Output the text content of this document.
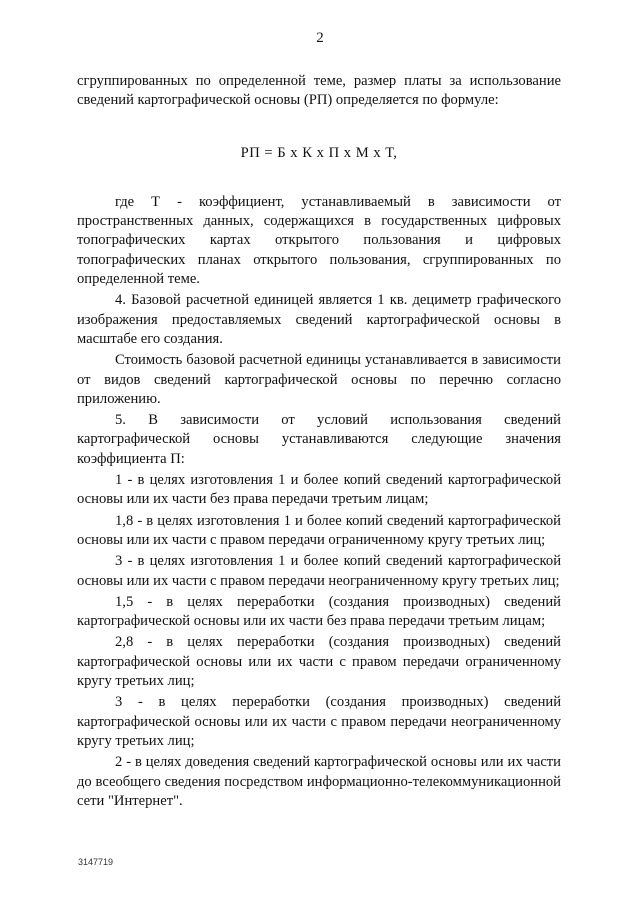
2

сгруппированных по определенной теме, размер платы за использование сведений картографической основы (РП) определяется по формуле:

РП = Б x К x П x М x Т,

где Т - коэффициент, устанавливаемый в зависимости от пространственных данных, содержащихся в государственных цифровых топографических картах открытого пользования и цифровых топографических планах открытого пользования, сгруппированных по определенной теме.

4. Базовой расчетной единицей является 1 кв. дециметр графического изображения предоставляемых сведений картографической основы в масштабе его создания.

Стоимость базовой расчетной единицы устанавливается в зависимости от видов сведений картографической основы по перечню согласно приложению.

5. В зависимости от условий использования сведений картографической основы устанавливаются следующие значения коэффициента П:

1 - в целях изготовления 1 и более копий сведений картографической основы или их части без права передачи третьим лицам;

1,8 - в целях изготовления 1 и более копий сведений картографической основы или их части с правом передачи ограниченному кругу третьих лиц;

3 - в целях изготовления 1 и более копий сведений картографической основы или их части с правом передачи неограниченному кругу третьих лиц;

1,5 - в целях переработки (создания производных) сведений картографической основы или их части без права передачи третьим лицам;

2,8 - в целях переработки (создания производных) сведений картографической основы или их части с правом передачи ограниченному кругу третьих лиц;

3 - в целях переработки (создания производных) сведений картографической основы или их части с правом передачи неограниченному кругу третьих лиц;

2 - в целях доведения сведений картографической основы или их части до всеобщего сведения посредством информационно-телекоммуникационной сети "Интернет".

3147719
